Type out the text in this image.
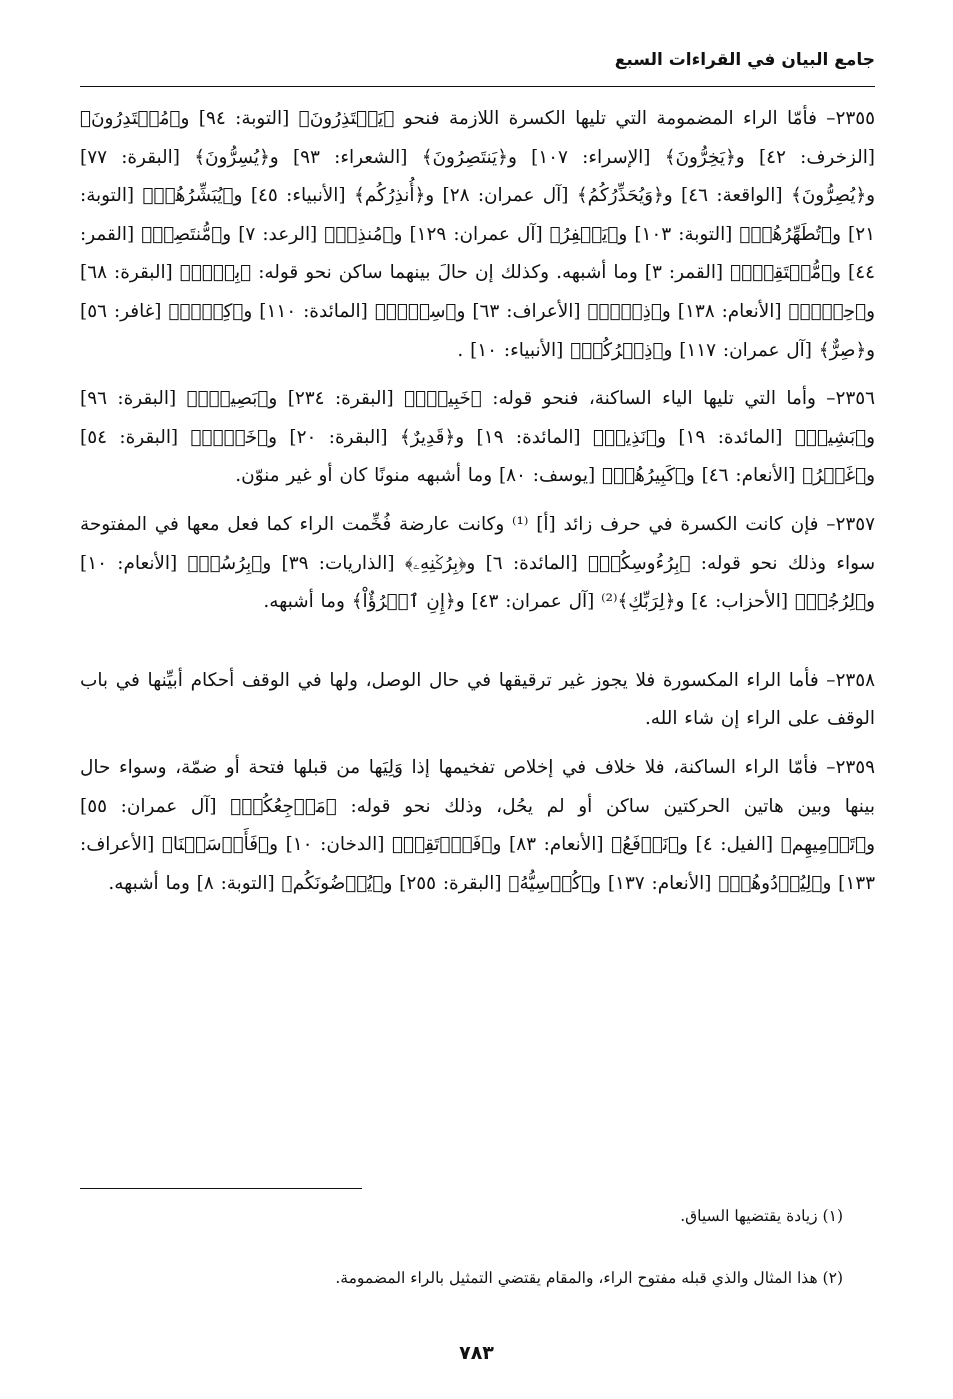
جامع البيان في القراءات السبع

٢٣٥٥– فأمّا الراء المضمومة التي تليها الكسرة اللازمة فنحو ﴿يَعۡتَذِرُونَ﴾ [التوبة: ٩٤] و﴿مُقۡتَدِرُونَ﴾ [الزخرف: ٤٢] و﴿يَخِرُّونَ﴾ [الإسراء: ١٠٧] و﴿يَنتَصِرُونَ﴾ [الشعراء: ٩٣] و﴿يُسِرُّونَ﴾ [البقرة: ٧٧] و﴿يُصِرُّونَ﴾ [الواقعة: ٤٦] و﴿وَيُحَذِّرُكُمُ﴾ [آل عمران: ٢٨] و﴿أُنذِرُكُم﴾ [الأنبياء: ٤٥] و﴿يُبَشِّرُهُمۡ﴾ [التوبة: ٢١] و﴿تُطَهِّرُهُمۡ﴾ [التوبة: ١٠٣] و﴿يَغۡفِرُ﴾ [آل عمران: ١٢٩] و﴿مُنذِرٞ﴾ [الرعد: ٧] و﴿مُّنتَصِرٞ﴾ [القمر: ٤٤] و﴿مُّسۡتَقِرّٞ﴾ [القمر: ٣] وما أشبهه. وكذلك إن حالَ بينهما ساكن نحو قوله: ﴿بِكۡرٞ﴾ [البقرة: ٦٨] و﴿حِجۡرٞ﴾ [الأنعام: ١٣٨] و﴿ذِكۡرٞ﴾ [الأعراف: ٦٣] و﴿سِحۡرٞ﴾ [المائدة: ١١٠] و﴿كِبۡرٞ﴾ [غافر: ٥٦] و﴿صِرٌّ﴾ [آل عمران: ١١٧] و﴿ذِكۡرُكُمۡ﴾ [الأنبياء: ١٠] .

٢٣٥٦– وأما التي تليها الياء الساكنة، فنحو قوله: ﴿خَبِيرُۢ﴾ [البقرة: ٢٣٤] و﴿بَصِيرُۢ﴾ [البقرة: ٩٦] و﴿بَشِيرٖ﴾ [المائدة: ١٩] و﴿نَذِيرٞ﴾ [المائدة: ١٩] و﴿قَدِيرٌ﴾ [البقرة: ٢٠] و﴿خَيۡرٞ﴾ [البقرة: ٥٤] و﴿غَيۡرُ﴾ [الأنعام: ٤٦] و﴿كَبِيرُهُمۡ﴾ [يوسف: ٨٠] وما أشبهه منونًا كان أو غير منوّن.

٢٣٥٧– فإن كانت الكسرة في حرف زائد [أ] ⁽¹⁾ وكانت عارضة فُخِّمت الراء كما فعل معها في المفتوحة سواء وذلك نحو قوله: ﴿بِرُءُوسِكُمۡ﴾ [المائدة: ٦] و﴿بِرُكۡنِهِۦ﴾ [الذاريات: ٣٩] و﴿بِرُسُلٖ﴾ [الأنعام: ١٠] و﴿لِرُجُلٖ﴾ [الأحزاب: ٤] و﴿لِرَبِّكِ﴾⁽²⁾ [آل عمران: ٤٣] و﴿إِنِ ٱمۡرُؤٌاْ﴾ وما أشبهه.

٢٣٥٨– فأما الراء المكسورة فلا يجوز غير ترقيقها في حال الوصل، ولها في الوقف أحكام أبيِّنها في باب الوقف على الراء إن شاء الله.

٢٣٥٩– فأمّا الراء الساكنة، فلا خلاف في إخلاص تفخيمها إذا وَلِيَها من قبلها فتحة أو ضمّة، وسواء حال بينها وبين هاتين الحركتين ساكن أو لم يحُل، وذلك نحو قوله: ﴿مَرۡجِعُكُمۡ﴾ [آل عمران: ٥٥] و﴿تَرۡمِيهِم﴾ [الفيل: ٤] و﴿نَرۡفَعُ﴾ [الأنعام: ٨٣] و﴿فَٱرۡتَقِبۡ﴾ [الدخان: ١٠] و﴿فَأَرۡسَلۡنَا﴾ [الأعراف: ١٣٣] و﴿لِيُرۡدُوهُمۡ﴾ [الأنعام: ١٣٧] و﴿كُرۡسِيُّهُ﴾ [البقرة: ٢٥٥] و﴿يُرۡضُونَكُم﴾ [التوبة: ٨] وما أشبهه.

(١) زيادة يقتضيها السياق.

(٢) هذا المثال والذي قبله مفتوح الراء، والمقام يقتضي التمثيل بالراء المضمومة.

٧٨٣
